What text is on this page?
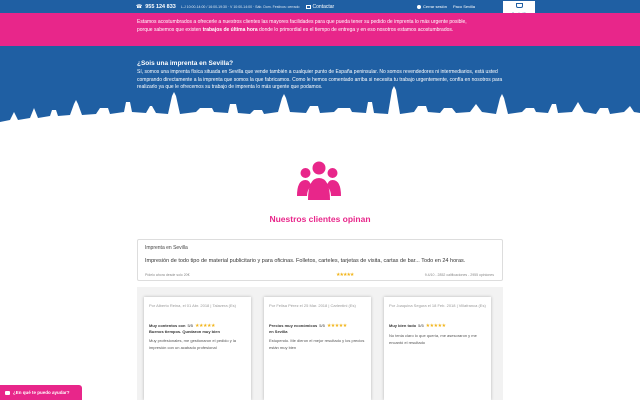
☎ 955 124 833 L-J 10:00-14:00 / 16:00-19:30 · V 10:00-14:00 · Sáb. Dom. Festivos: cerrado	Contactar	Cerrar sesión Paco Sevilla
Estamos acostumbrados a ofrecerle a nuestros clientes las mayores facilidades para que pueda tener su pedido de imprenta lo más urgente posible,
porque sabemos que existen trabajos de última hora donde lo primordial es el tiempo de entrega y en eso nosotros estamos acostumbrados.
¿Sois una imprenta en Sevilla?

Sí, somos una imprenta física situada en Sevilla que vende también a cualquier punto de España peninsular. No somos revendedores ni intermediarios, está usted comprando directamente a la imprenta que somos la que fabricamos. Como le hemos comentado arriba si necesita tu trabajo urgentemente, confía en nosotros para realizarlo ya que le ofrecemos su trabajo de imprenta lo más urgente que podamos.

Nuestros clientes opinan
Imprenta en Sevilla
Impresión de todo tipo de material publicitario y para oficinas. Folletos, carteles, tarjetas de visita, cartas de bar... Todo en 24 horas.
Pídelo ahora desde solo 20€	★★★★★	9.4/10 - 2852 calificaciones - 2955 opiniones
Por Alberto Reina, el 01 Abr. 2018 | Talavera (Es)
Muy contentos con 5/5 ★★★★★
Buenos tiempos. Quedaron muy bien
Muy profesionales, me gestionaron el pedido y la impresión con un acabado profesional
Por Felisa Pérez el 25 Mar. 2018 | Carlentini (Es)
Precios muy económicos 5/5 ★★★★★
en Sevilla
Estupendo. Me dieron el mejor resultado y los precios están muy bien
Por Joaquina Segura el 18 Feb. 2018 | Villafranca (Es)
Muy bien todo 5/5 ★★★★★
No tenia claro lo que quería, me asesoraron y me encantó el resultado
¿En qué te puedo ayudar?
